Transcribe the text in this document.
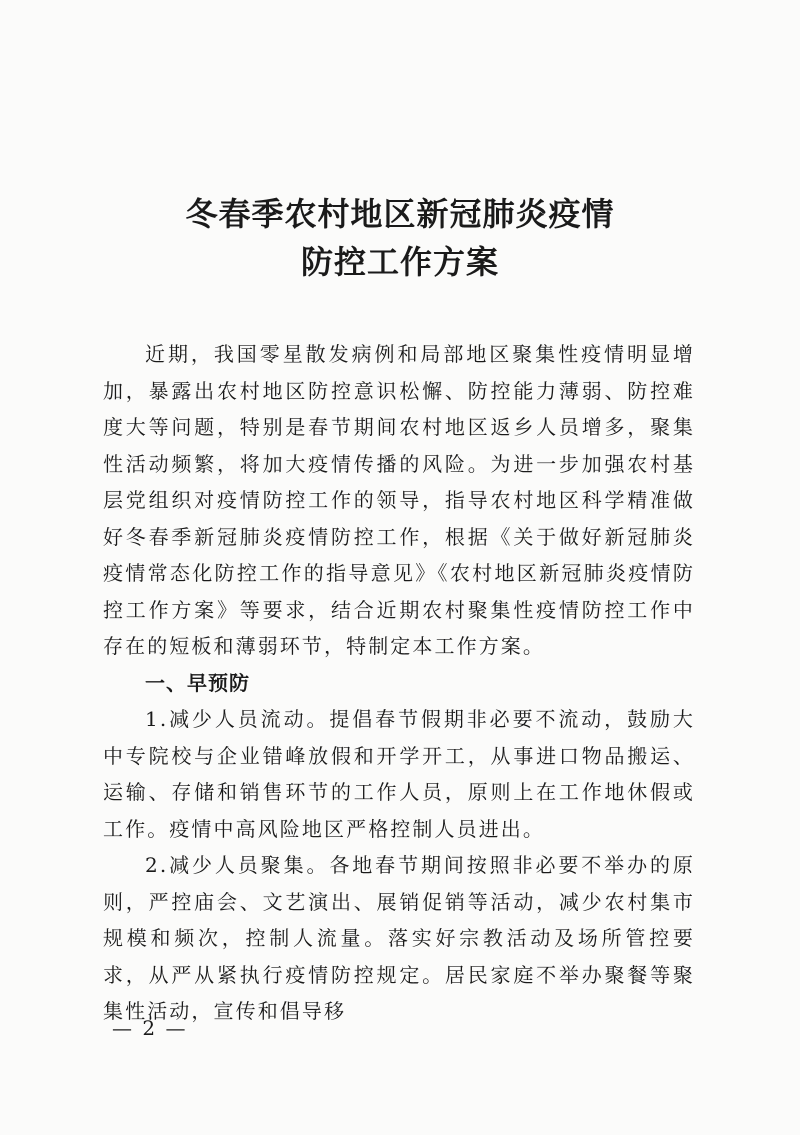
冬春季农村地区新冠肺炎疫情
防控工作方案

近期，我国零星散发病例和局部地区聚集性疫情明显增加，暴露出农村地区防控意识松懈、防控能力薄弱、防控难度大等问题，特别是春节期间农村地区返乡人员增多，聚集性活动频繁，将加大疫情传播的风险。为进一步加强农村基层党组织对疫情防控工作的领导，指导农村地区科学精准做好冬春季新冠肺炎疫情防控工作，根据《关于做好新冠肺炎疫情常态化防控工作的指导意见》《农村地区新冠肺炎疫情防控工作方案》等要求，结合近期农村聚集性疫情防控工作中存在的短板和薄弱环节，特制定本工作方案。

一、早预防

1.减少人员流动。提倡春节假期非必要不流动，鼓励大中专院校与企业错峰放假和开学开工，从事进口物品搬运、运输、存储和销售环节的工作人员，原则上在工作地休假或工作。疫情中高风险地区严格控制人员进出。

2.减少人员聚集。各地春节期间按照非必要不举办的原则，严控庙会、文艺演出、展销促销等活动，减少农村集市规模和频次，控制人流量。落实好宗教活动及场所管控要求，从严从紧执行疫情防控规定。居民家庭不举办聚餐等聚集性活动，宣传和倡导移

— 2 —
